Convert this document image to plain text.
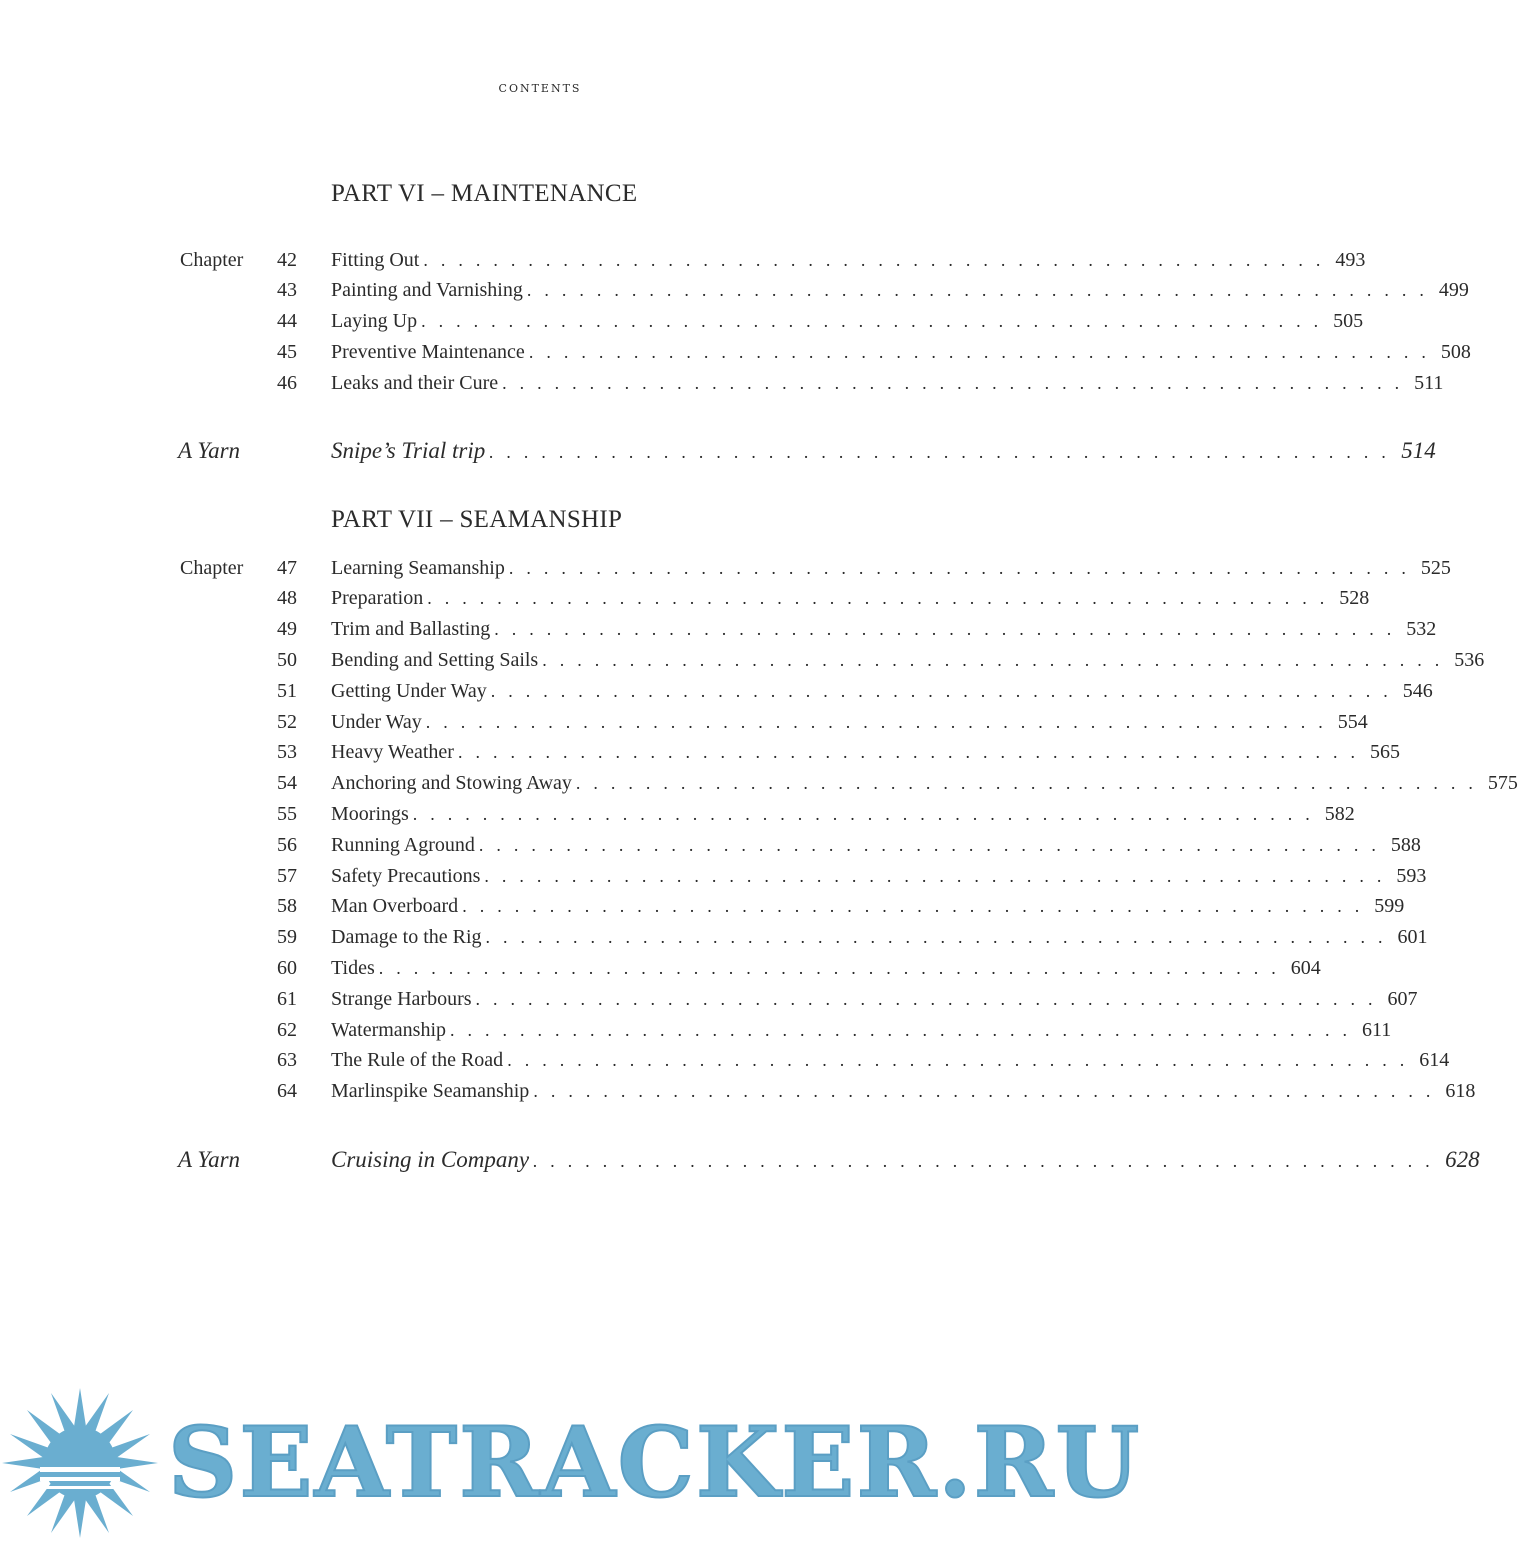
contents
PART VI – MAINTENANCE
Chapter	42 Fitting Out .................................................... 493
43 Painting and Varnishing .................................................... 499
44 Laying Up .................................................... 505
45 Preventive Maintenance .................................................... 508
46 Leaks and their Cure .................................................... 511
A Yarn	Snipe’s Trial trip .................................................... 514
PART VII – SEAMANSHIP
Chapter	47 Learning Seamanship .................................................... 525
48 Preparation .................................................... 528
49 Trim and Ballasting .................................................... 532
50 Bending and Setting Sails .................................................... 536
51 Getting Under Way .................................................... 546
52 Under Way .................................................... 554
53 Heavy Weather .................................................... 565
54 Anchoring and Stowing Away .................................................... 575
55 Moorings .................................................... 582
56 Running Aground .................................................... 588
57 Safety Precautions .................................................... 593
58 Man Overboard .................................................... 599
59 Damage to the Rig .................................................... 601
60 Tides .................................................... 604
61 Strange Harbours .................................................... 607
62 Watermanship .................................................... 611
63 The Rule of the Road .................................................... 614
64 Marlinspike Seamanship .................................................... 618
A Yarn	Cruising in Company .................................................... 628
SEATRACKER.RU
